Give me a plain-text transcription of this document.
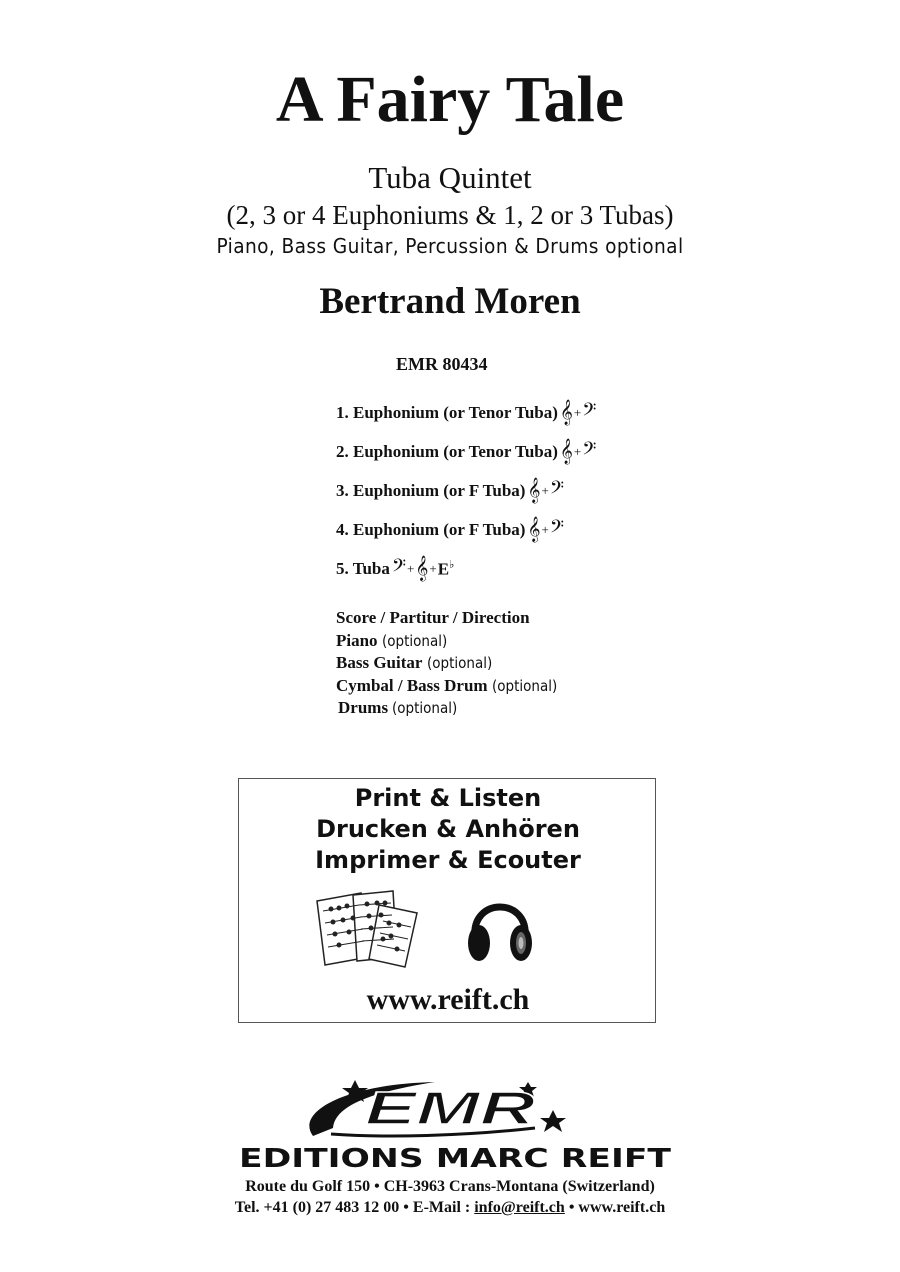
A Fairy Tale
Tuba Quintet
(2, 3 or 4 Euphoniums & 1, 2 or 3 Tubas)
Piano, Bass Guitar, Percussion & Drums optional
Bertrand Moren
EMR 80434
1. Euphonium (or Tenor Tuba) 𝄞 + 𝄢
2. Euphonium (or Tenor Tuba) 𝄞 + 𝄢
3. Euphonium (or F Tuba) 𝄞 + 𝄢
4. Euphonium (or F Tuba) 𝄞 + 𝄢
5. Tuba 𝄢 + 𝄞 + E♭
Score / Partitur / Direction
Piano (optional)
Bass Guitar (optional)
Cymbal / Bass Drum (optional)
Drums (optional)
Print & Listen
Drucken & Anhören
Imprimer & Ecouter
www.reift.ch
EMR
EDITIONS MARC REIFT
Route du Golf 150 • CH-3963 Crans-Montana (Switzerland)
Tel. +41 (0) 27 483 12 00 • E-Mail : info@reift.ch • www.reift.ch
